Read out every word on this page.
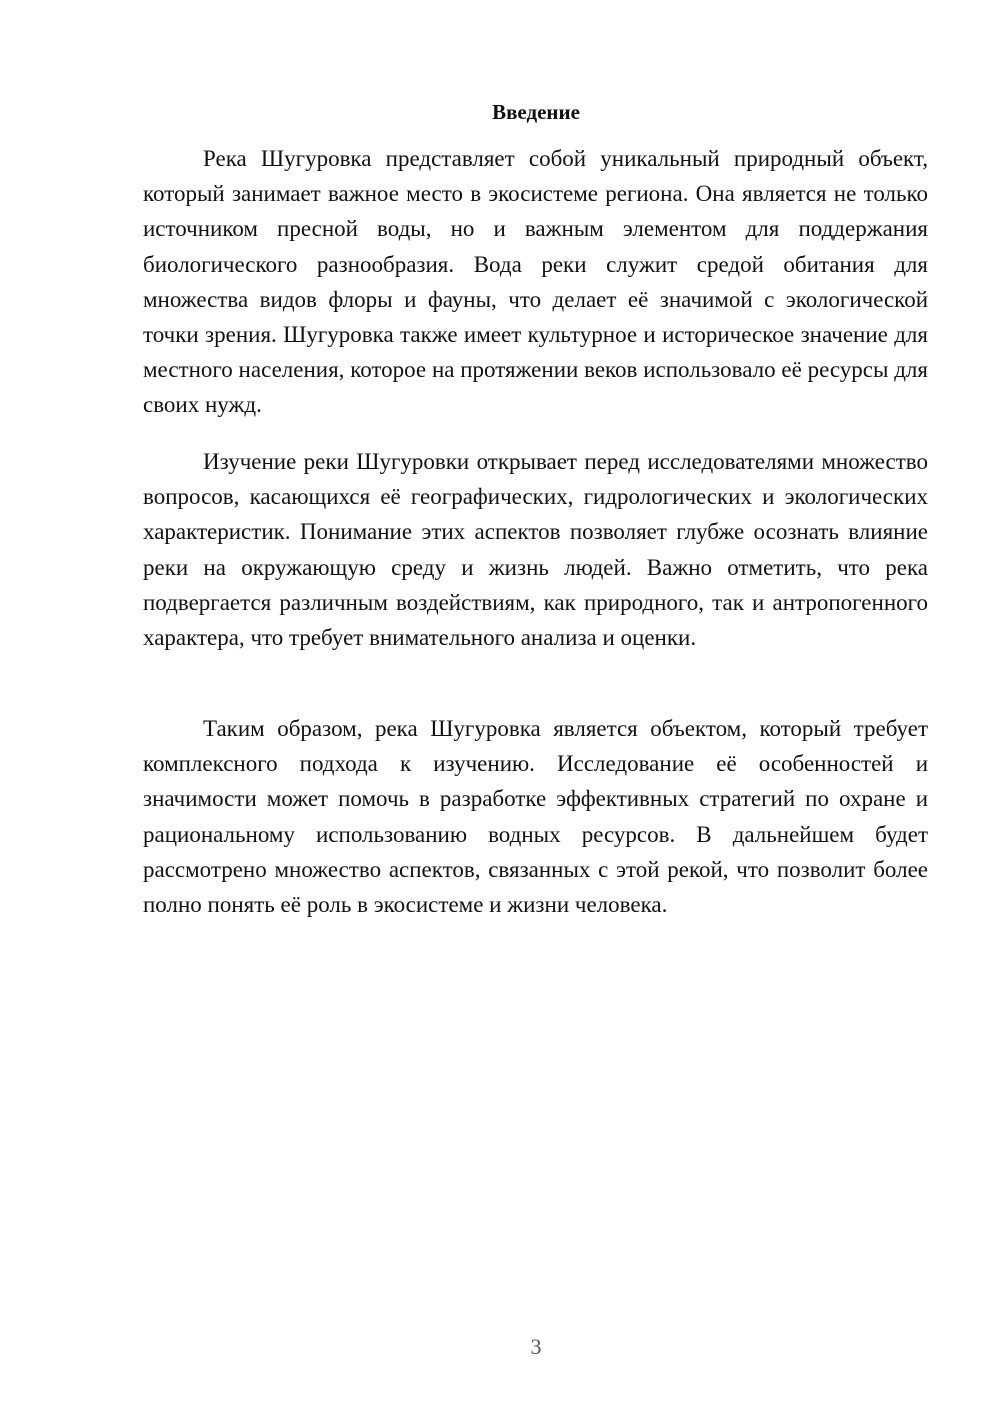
Введение

Река Шугуровка представляет собой уникальный природный объект, который занимает важное место в экосистеме региона. Она является не только источником пресной воды, но и важным элементом для поддержания биологического разнообразия. Вода реки служит средой обитания для множества видов флоры и фауны, что делает её значимой с экологической точки зрения. Шугуровка также имеет культурное и историческое значение для местного населения, которое на протяжении веков использовало её ресурсы для своих нужд.

Изучение реки Шугуровки открывает перед исследователями множество вопросов, касающихся её географических, гидрологических и экологических характеристик. Понимание этих аспектов позволяет глубже осознать влияние реки на окружающую среду и жизнь людей. Важно отметить, что река подвергается различным воздействиям, как природного, так и антропогенного характера, что требует внимательного анализа и оценки.

Таким образом, река Шугуровка является объектом, который требует комплексного подхода к изучению. Исследование её особенностей и значимости может помочь в разработке эффективных стратегий по охране и рациональному использованию водных ресурсов. В дальнейшем будет рассмотрено множество аспектов, связанных с этой рекой, что позволит более полно понять её роль в экосистеме и жизни человека.

3
